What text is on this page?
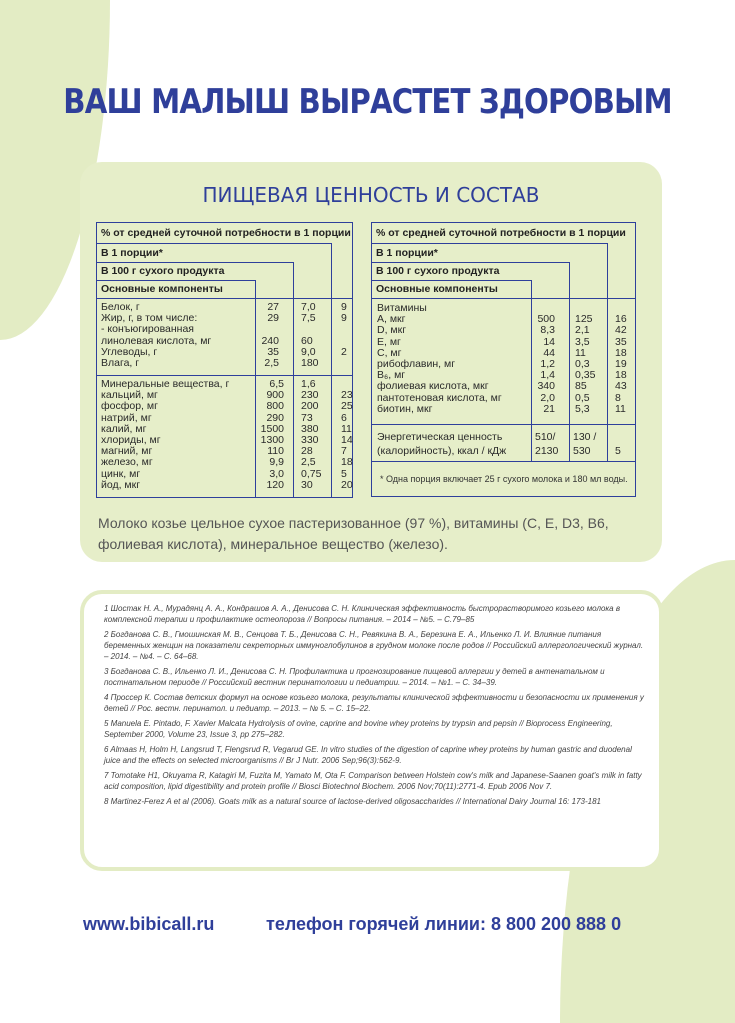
ВАШ МАЛЫШ ВЫРАСТЕТ ЗДОРОВЫМ
ПИЩЕВАЯ ЦЕННОСТЬ И СОСТАВ
% от средней суточной потребности в 1 порции
В 1 порции*
В 100 г сухого продукта
Основные компоненты
Белок, г
Жир, г, в том числе:
- конъюгированная
линолевая кислота, мг
Углеводы, г
Влага, г
27
29

240
35
2,5
7,0
7,5

60
9,0
180
9
9

2

Минеральные вещества, г
кальций, мг
фосфор, мг
натрий, мг
калий, мг
хлориды, мг
магний, мг
железо, мг
цинк, мг
йод, мкг
6,5
900
800
290
1500
1300
110
9,9
3,0
120
1,6
230
200
73
380
330
28
2,5
0,75
30

23
25
6
11
14
7
18
5
20
% от средней суточной потребности в 1 порции
В 1 порции*
В 100 г сухого продукта
Основные компоненты
Витамины
А, мкг
D, мкг
Е, мг
С, мг
рибофлавин, мг
B₆, мг
фолиевая кислота, мкг
пантотеновая кислота, мг
биотин, мкг

500
8,3
14
44
1,2
1,4
340
2,0
21

125
2,1
3,5
11
0,3
0,35
85
0,5
5,3

16
42
35
18
19
18
43
8
11
Энергетическая ценность
(калорийность), ккал / кДж
510/
2130
130 /
530	
5
* Одна порция включает 25 г сухого молока и 180 мл воды.
Молоко козье цельное сухое пастеризованное (97 %), витамины (С, Е, D3, В6, фолиевая кислота), минеральное вещество (железо).

1 Шостак Н. А., Мурадянц А. А., Кондрашов А. А., Денисова С. Н. Клиническая эффективность быстрорастворимого козьего молока в комплексной терапии и профилактике остеопороза // Вопросы питания. – 2014 – №5. – С.79–85

2 Богданова С. В., Гмошинская М. В., Сенцова Т. Б., Денисова С. Н., Ревякина В. А., Березина Е. А., Ильенко Л. И. Влияние питания беременных женщин на показатели секреторных иммуноглобулинов в грудном молоке после родов // Российский аллергологический журнал. – 2014. – №4. – С. 64–68.

3 Богданова С. В., Ильенко Л. И., Денисова С. Н. Профилактика и прогнозирование пищевой аллергии у детей в антенатальном и постнатальном периоде // Российский вестник перинатологии и педиатрии. – 2014. – №1. – С. 34–39.

4 Проссер К. Состав детских формул на основе козьего молока, результаты клинической эффективности и безопасности их применения у детей // Рос. вестн. перинатол. и педиатр. – 2013. – № 5. – С. 15–22.

5 Manuela E. Pintado, F. Xavier Malcata Hydrolysis of ovine, caprine and bovine whey proteins by trypsin and pepsin // Bioprocess Engineering, September 2000, Volume 23, Issue 3, pp 275–282.

6 Almaas H, Holm H, Langsrud T, Flengsrud R, Vegarud GE. In vitro studies of the digestion of caprine whey proteins by human gastric and duodenal juice and the effects on selected microorganisms // Br J Nutr. 2006 Sep;96(3):562-9.

7 Tomotake H1, Okuyama R, Katagiri M, Fuzita M, Yamato M, Ota F. Comparison between Holstein cow's milk and Japanese-Saanen goat's milk in fatty acid composition, lipid digestibility and protein profile // Biosci Biotechnol Biochem. 2006 Nov;70(11):2771-4. Epub 2006 Nov 7.

8 Martinez-Ferez A et al (2006). Goats milk as a natural source of lactose-derived oligosaccharides // International Dairy Journal 16: 173-181

www.bibicall.ru	телефон горячей линии: 8 800 200 888 0
